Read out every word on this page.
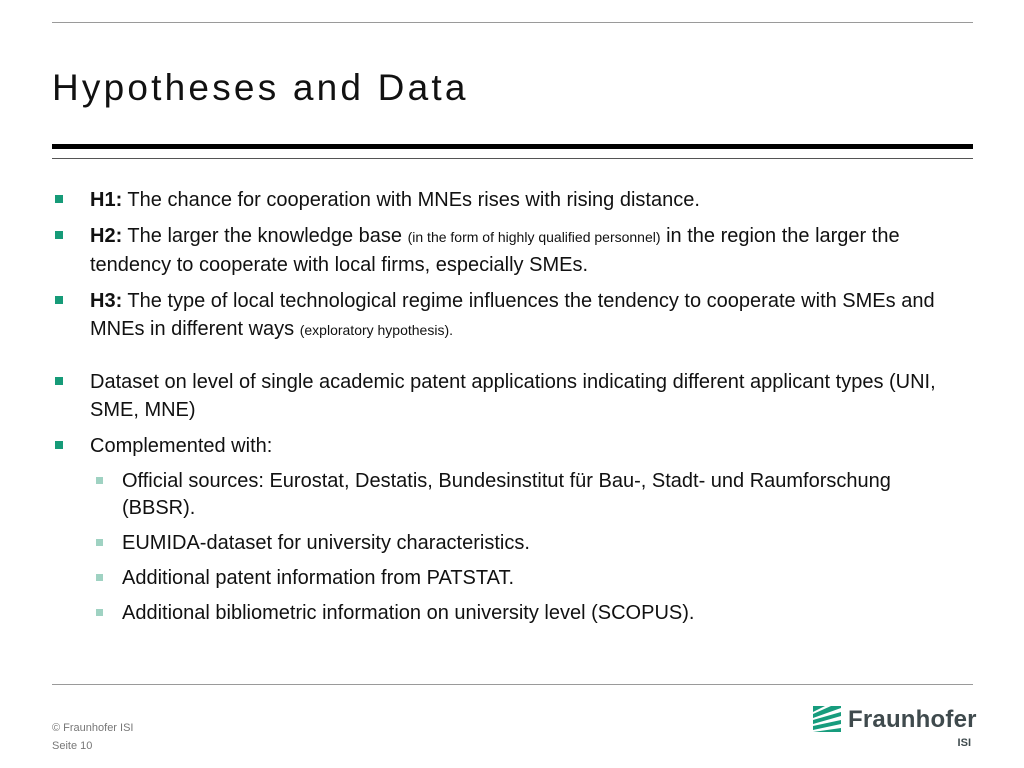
Hypotheses and Data
H1: The chance for cooperation with MNEs rises with rising distance.
H2: The larger the knowledge base (in the form of highly qualified personnel) in the region the larger the tendency to cooperate with local firms, especially SMEs.
H3: The type of local technological regime influences the tendency to cooperate with SMEs and MNEs in different ways (exploratory hypothesis).
Dataset on level of single academic patent applications indicating different applicant types (UNI, SME, MNE)
Complemented with:
Official sources: Eurostat, Destatis, Bundesinstitut für Bau-, Stadt- und Raumforschung (BBSR).
EUMIDA-dataset for university characteristics.
Additional patent information from PATSTAT.
Additional bibliometric information on university level (SCOPUS).
© Fraunhofer ISI
Seite 10
Fraunhofer
ISI
